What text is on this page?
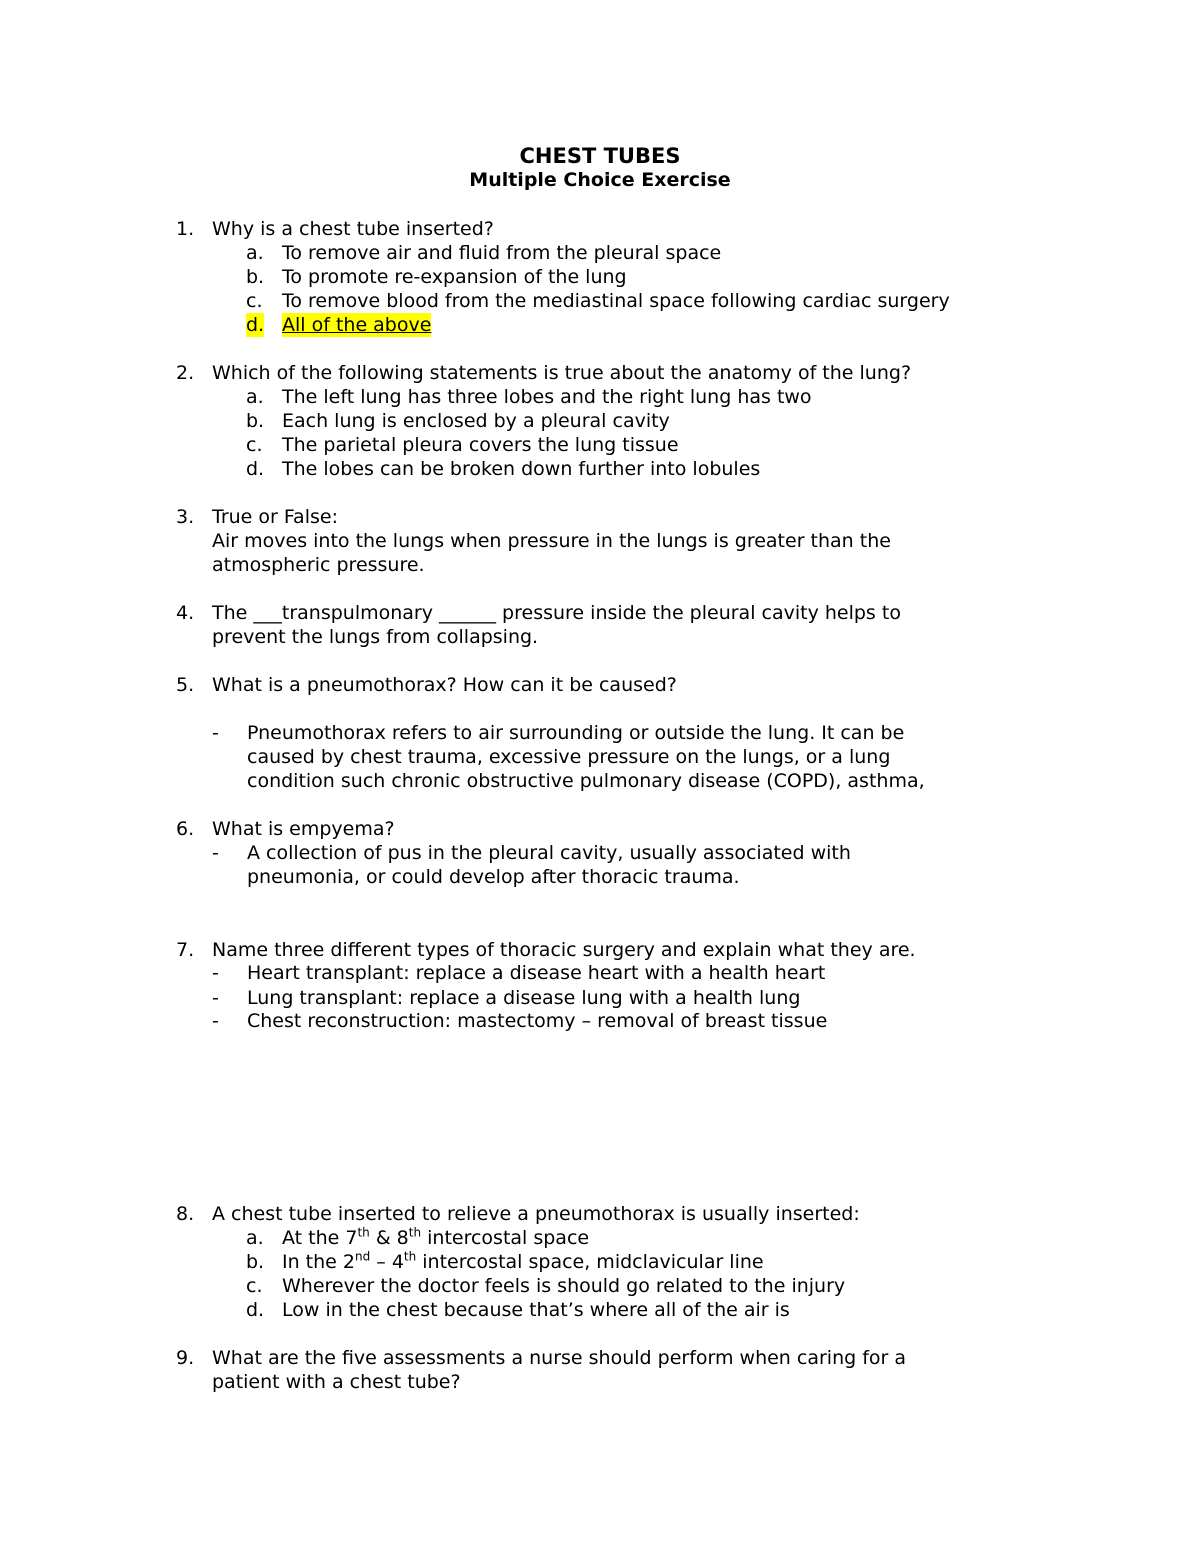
CHEST TUBES
Multiple Choice Exercise
1. Why is a chest tube inserted?
a. To remove air and fluid from the pleural space
b. To promote re-expansion of the lung
c. To remove blood from the mediastinal space following cardiac surgery
d. All of the above
2. Which of the following statements is true about the anatomy of the lung?
a. The left lung has three lobes and the right lung has two
b. Each lung is enclosed by a pleural cavity
c. The parietal pleura covers the lung tissue
d. The lobes can be broken down further into lobules
3. True or False:
Air moves into the lungs when pressure in the lungs is greater than the
atmospheric pressure.
4. The ___transpulmonary ______ pressure inside the pleural cavity helps to
prevent the lungs from collapsing.
5. What is a pneumothorax? How can it be caused?
- Pneumothorax refers to air surrounding or outside the lung. It can be
caused by chest trauma, excessive pressure on the lungs, or a lung
condition such chronic obstructive pulmonary disease (COPD), asthma,
6. What is empyema?
- A collection of pus in the pleural cavity, usually associated with
pneumonia, or could develop after thoracic trauma.
7. Name three different types of thoracic surgery and explain what they are.
- Heart transplant: replace a disease heart with a health heart
- Lung transplant: replace a disease lung with a health lung
- Chest reconstruction: mastectomy – removal of breast tissue
8. A chest tube inserted to relieve a pneumothorax is usually inserted:
a. At the 7th & 8th intercostal space
b. In the 2nd – 4th intercostal space, midclavicular line
c. Wherever the doctor feels is should go related to the injury
d. Low in the chest because that’s where all of the air is
9. What are the five assessments a nurse should perform when caring for a
patient with a chest tube?
